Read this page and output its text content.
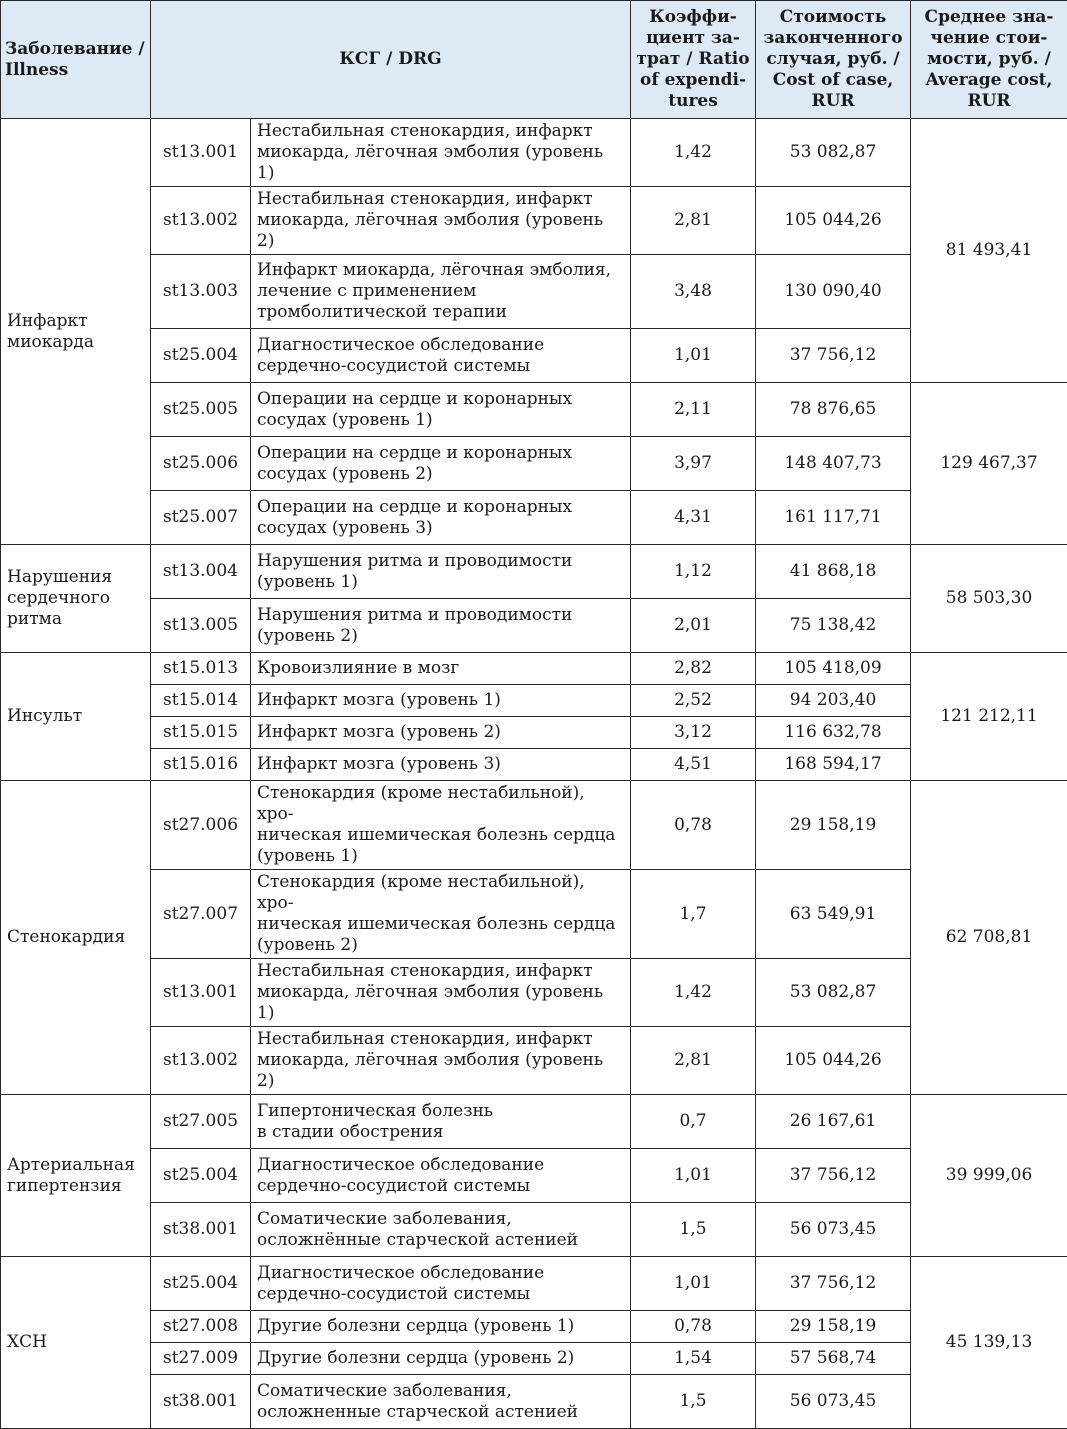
Заболевание / Illness	КСГ / DRG		Коэффи-
циент за-
трат / Ratio
of expendi-
tures	Стоимость
законченного
случая, руб. /
Cost of case,
RUR	Среднее зна-
чение стои-
мости, руб. /
Average cost,
RUR
Инфаркт
миокарда	st13.001	Нестабильная стенокардия, инфаркт
миокарда, лёгочная эмболия (уровень 1)	1,42	53 082,87	81 493,41
	st13.002	Нестабильная стенокардия, инфаркт
миокарда, лёгочная эмболия (уровень 2)	2,81	105 044,26	
	st13.003	Инфаркт миокарда, лёгочная эмболия,
лечение с применением
тромболитической терапии	3,48	130 090,40	
	st25.004	Диагностическое обследование
сердечно-сосудистой системы	1,01	37 756,12	
	st25.005	Операции на сердце и коронарных
сосудах (уровень 1)	2,11	78 876,65	129 467,37
	st25.006	Операции на сердце и коронарных
сосудах (уровень 2)	3,97	148 407,73	
	st25.007	Операции на сердце и коронарных
сосудах (уровень 3)	4,31	161 117,71	
Нарушения
сердечного
ритма	st13.004	Нарушения ритма и проводимости
(уровень 1)	1,12	41 868,18	58 503,30
	st13.005	Нарушения ритма и проводимости
(уровень 2)	2,01	75 138,42	
Инсульт	st15.013	Кровоизлияние в мозг	2,82	105 418,09	121 212,11
	st15.014	Инфаркт мозга (уровень 1)	2,52	94 203,40	
	st15.015	Инфаркт мозга (уровень 2)	3,12	116 632,78	
	st15.016	Инфаркт мозга (уровень 3)	4,51	168 594,17	
Стенокардия	st27.006	Стенокардия (кроме нестабильной), хро-
ническая ишемическая болезнь сердца
(уровень 1)	0,78	29 158,19	62 708,81
	st27.007	Стенокардия (кроме нестабильной), хро-
ническая ишемическая болезнь сердца
(уровень 2)	1,7	63 549,91	
	st13.001	Нестабильная стенокардия, инфаркт
миокарда, лёгочная эмболия (уровень 1)	1,42	53 082,87	
	st13.002	Нестабильная стенокардия, инфаркт
миокарда, лёгочная эмболия (уровень 2)	2,81	105 044,26	
Артериальная
гипертензия	st27.005	Гипертоническая болезнь
в стадии обострения	0,7	26 167,61	39 999,06
	st25.004	Диагностическое обследование
сердечно-сосудистой системы	1,01	37 756,12	
	st38.001	Соматические заболевания,
осложнённые старческой астенией	1,5	56 073,45	
ХСН	st25.004	Диагностическое обследование
сердечно-сосудистой системы	1,01	37 756,12	45 139,13
	st27.008	Другие болезни сердца (уровень 1)	0,78	29 158,19	
	st27.009	Другие болезни сердца (уровень 2)	1,54	57 568,74	
	st38.001	Соматические заболевания,
осложненные старческой астенией	1,5	56 073,45	
